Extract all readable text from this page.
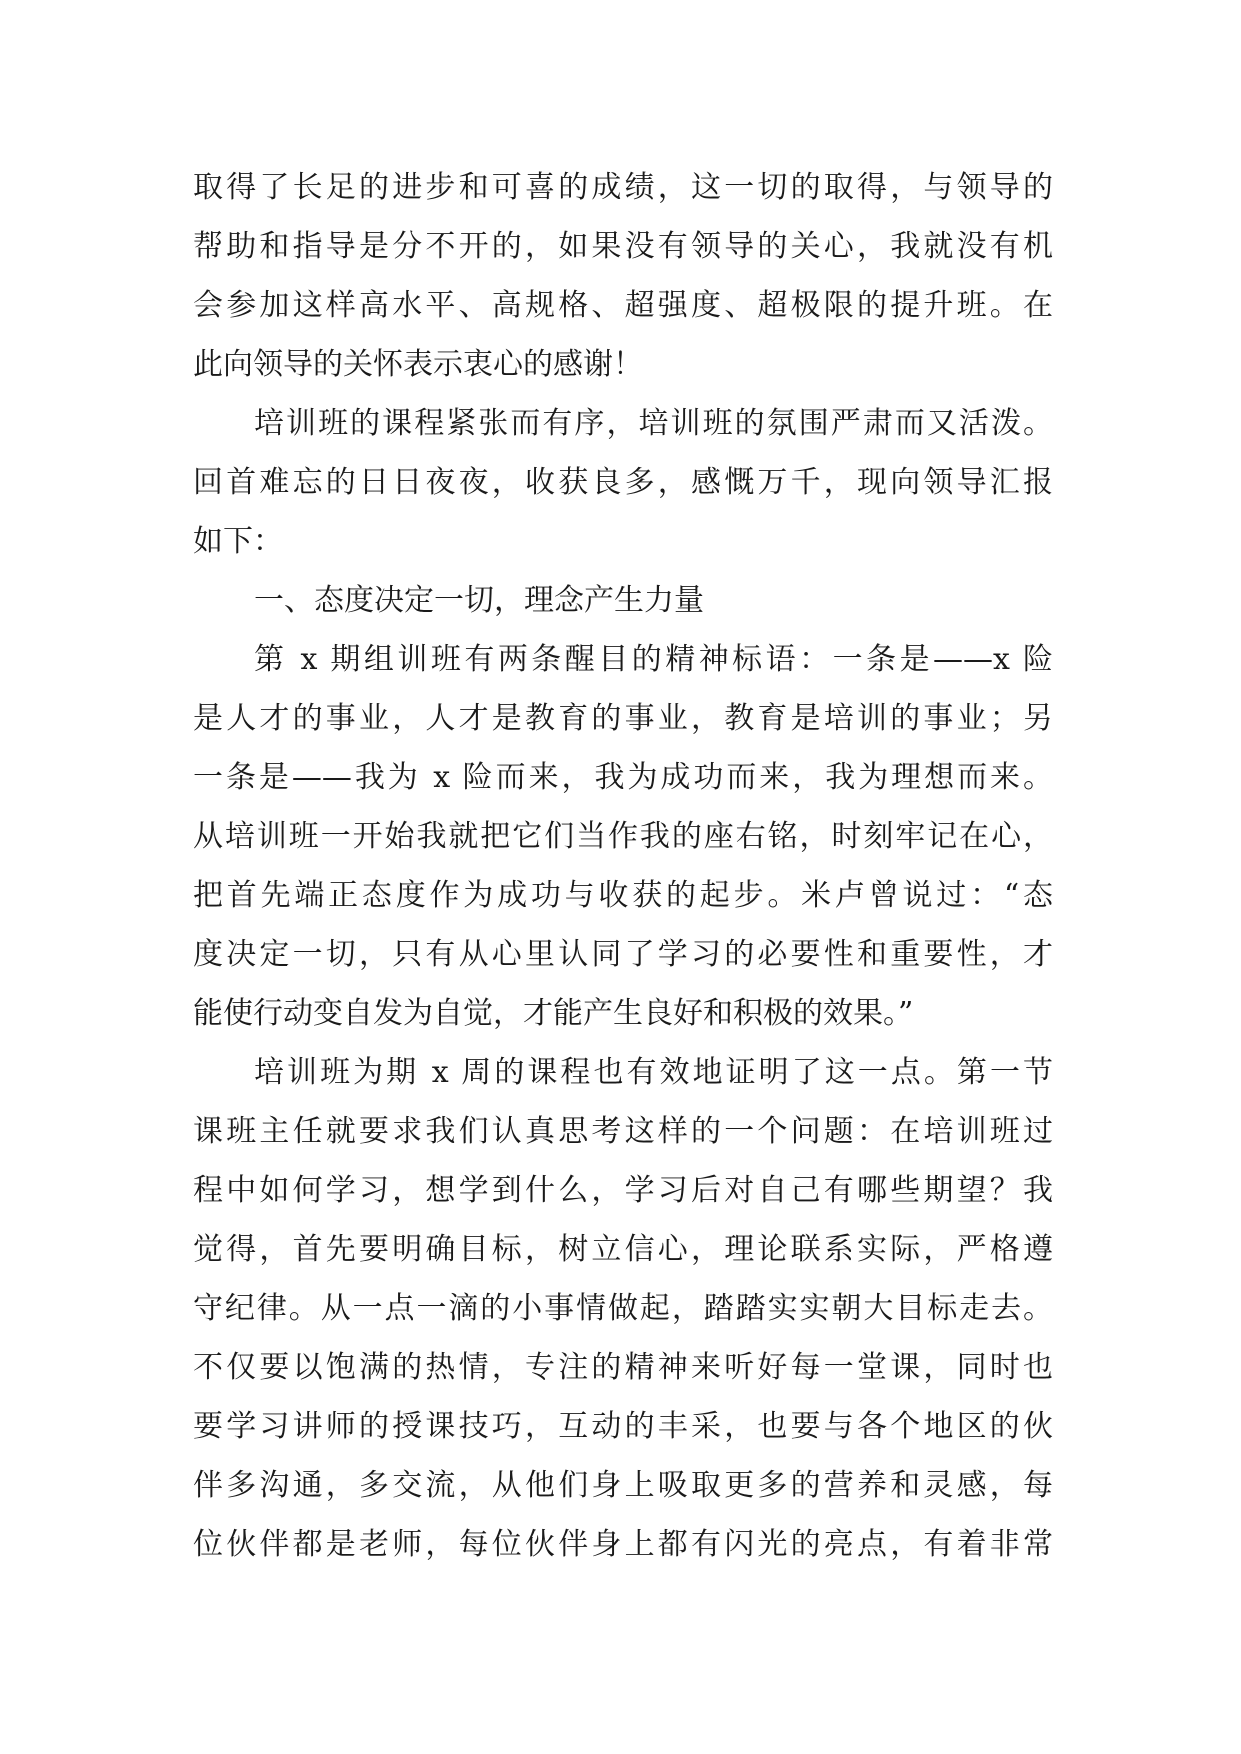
取得了长足的进步和可喜的成绩，这一切的取得，与领导的
帮助和指导是分不开的，如果没有领导的关心，我就没有机
会参加这样高水平、高规格、超强度、超极限的提升班。在
此向领导的关怀表示衷心的感谢！
培训班的课程紧张而有序，培训班的氛围严肃而又活泼。
回首难忘的日日夜夜，收获良多，感慨万千，现向领导汇报
如下：
一、态度决定一切，理念产生力量
第 x 期组训班有两条醒目的精神标语：一条是——x 险
是人才的事业，人才是教育的事业，教育是培训的事业；另
一条是——我为 x 险而来，我为成功而来，我为理想而来。
从培训班一开始我就把它们当作我的座右铭，时刻牢记在心，
把首先端正态度作为成功与收获的起步。米卢曾说过：“态
度决定一切，只有从心里认同了学习的必要性和重要性，才
能使行动变自发为自觉，才能产生良好和积极的效果。”
培训班为期 x 周的课程也有效地证明了这一点。第一节
课班主任就要求我们认真思考这样的一个问题：在培训班过
程中如何学习，想学到什么，学习后对自己有哪些期望？我
觉得，首先要明确目标，树立信心，理论联系实际，严格遵
守纪律。从一点一滴的小事情做起，踏踏实实朝大目标走去。
不仅要以饱满的热情，专注的精神来听好每一堂课，同时也
要学习讲师的授课技巧，互动的丰采，也要与各个地区的伙
伴多沟通，多交流，从他们身上吸取更多的营养和灵感，每
位伙伴都是老师，每位伙伴身上都有闪光的亮点，有着非常
